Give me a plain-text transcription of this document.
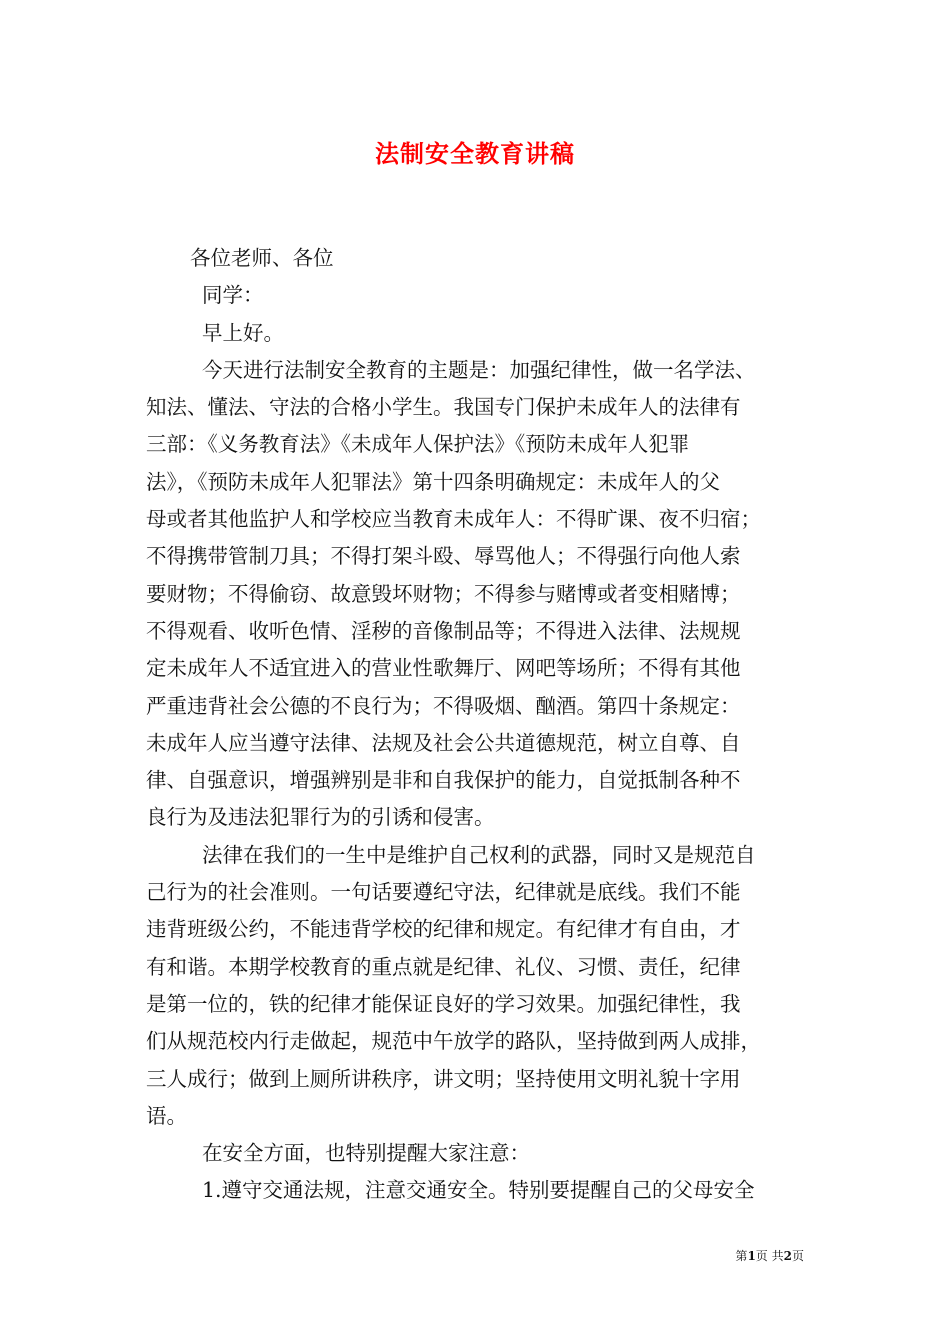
法制安全教育讲稿
各位老师、各位
同学：
早上好。
今天进行法制安全教育的主题是：加强纪律性，做一名学法、
知法、懂法、守法的合格小学生。我国专门保护未成年人的法律有
三部：《义务教育法》《未成年人保护法》《预防未成年人犯罪
法》，《预防未成年人犯罪法》第十四条明确规定：未成年人的父
母或者其他监护人和学校应当教育未成年人：不得旷课、夜不归宿；
不得携带管制刀具；不得打架斗殴、辱骂他人；不得强行向他人索
要财物；不得偷窃、故意毁坏财物；不得参与赌博或者变相赌博；
不得观看、收听色情、淫秽的音像制品等；不得进入法律、法规规
定未成年人不适宜进入的营业性歌舞厅、网吧等场所；不得有其他
严重违背社会公德的不良行为；不得吸烟、酗酒。第四十条规定：
未成年人应当遵守法律、法规及社会公共道德规范，树立自尊、自
律、自强意识，增强辨别是非和自我保护的能力，自觉抵制各种不
良行为及违法犯罪行为的引诱和侵害。
法律在我们的一生中是维护自己权利的武器，同时又是规范自
己行为的社会准则。一句话要遵纪守法，纪律就是底线。我们不能
违背班级公约，不能违背学校的纪律和规定。有纪律才有自由，才
有和谐。本期学校教育的重点就是纪律、礼仪、习惯、责任，纪律
是第一位的，铁的纪律才能保证良好的学习效果。加强纪律性，我
们从规范校内行走做起，规范中午放学的路队，坚持做到两人成排，
三人成行；做到上厕所讲秩序，讲文明；坚持使用文明礼貌十字用
语。
在安全方面，也特别提醒大家注意：
1.遵守交通法规，注意交通安全。特别要提醒自己的父母安全
第1页 共2页
